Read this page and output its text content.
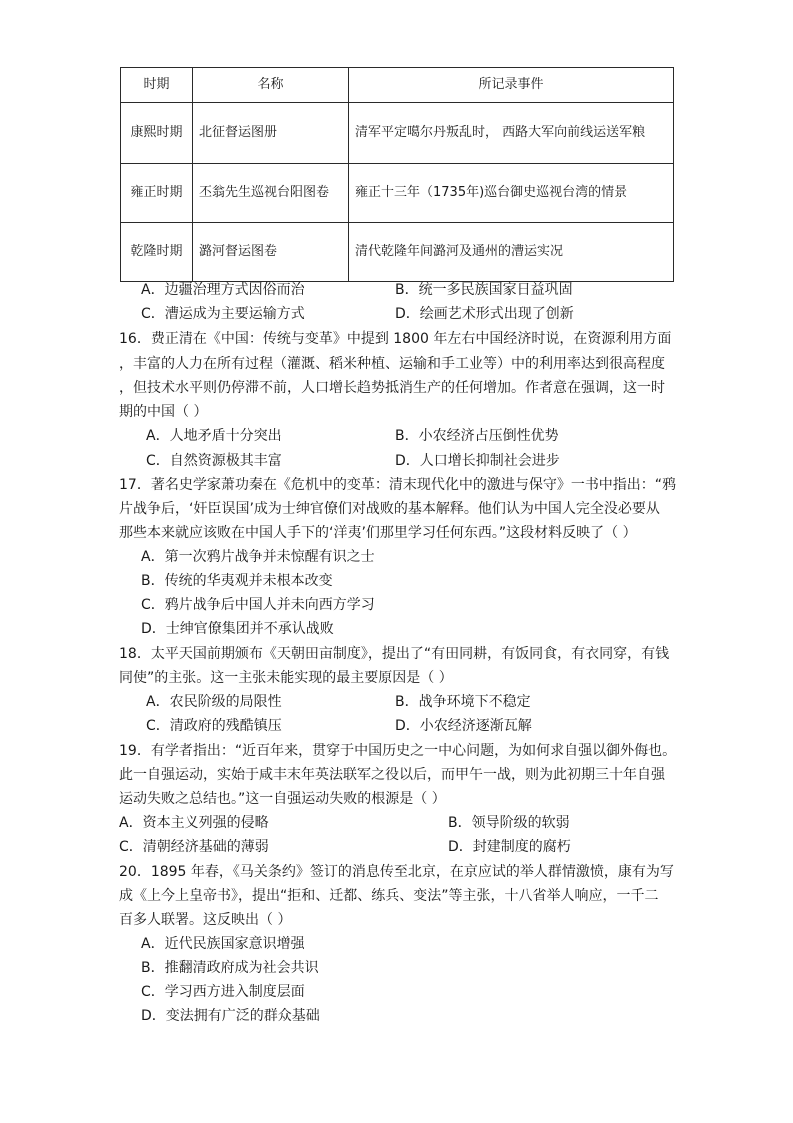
时期	名称	所记录事件
康熙时期	北征督运图册	清军平定噶尔丹叛乱时， 西路大军向前线运送军粮
雍正时期	丕翁先生巡视台阳图卷	雍正十三年（1735年)巡台御史巡视台湾的情景
乾隆时期	潞河督运图卷	清代乾隆年间潞河及通州的漕运实况
A．边疆治理方式因俗而治	B．统一多民族国家日益巩固
C．漕运成为主要运输方式	D．绘画艺术形式出现了创新
16．费正清在《中国：传统与变革》中提到 1800 年左右中国经济时说，在资源利用方面
，丰富的人力在所有过程（灌溉、稻米种植、运输和手工业等）中的利用率达到很高程度
，但技术水平则仍停滞不前，人口增长趋势抵消生产的任何增加。作者意在强调，这一时
期的中国（ ）
A．人地矛盾十分突出	B．小农经济占压倒性优势
C．自然资源极其丰富	D．人口增长抑制社会进步
17．著名史学家萧功秦在《危机中的变革：清末现代化中的激进与保守》一书中指出：“鸦
片战争后，‘奸臣误国’成为士绅官僚们对战败的基本解释。他们认为中国人完全没必要从
那些本来就应该败在中国人手下的‘洋夷’们那里学习任何东西。”这段材料反映了（ ）
A．第一次鸦片战争并未惊醒有识之士
B．传统的华夷观并未根本改变
C．鸦片战争后中国人并未向西方学习
D．士绅官僚集团并不承认战败
18．太平天国前期颁布《天朝田亩制度》，提出了“有田同耕，有饭同食，有衣同穿，有钱
同使”的主张。这一主张未能实现的最主要原因是（ ）
A．农民阶级的局限性	B．战争环境下不稳定
C．清政府的残酷镇压	D．小农经济逐渐瓦解
19．有学者指出：“近百年来，贯穿于中国历史之一中心问题，为如何求自强以御外侮也。
此一自强运动，实始于咸丰末年英法联军之役以后，而甲午一战，则为此初期三十年自强
运动失败之总结也。”这一自强运动失败的根源是（ ）
A．资本主义列强的侵略	B．领导阶级的软弱
C．清朝经济基础的薄弱	D．封建制度的腐朽
20．1895 年春，《马关条约》签订的消息传至北京，在京应试的举人群情激愤，康有为写
成《上今上皇帝书》，提出“拒和、迁都、练兵、变法”等主张，十八省举人响应，一千二
百多人联署。这反映出（ ）
A．近代民族国家意识增强
B．推翻清政府成为社会共识
C．学习西方进入制度层面
D．变法拥有广泛的群众基础
